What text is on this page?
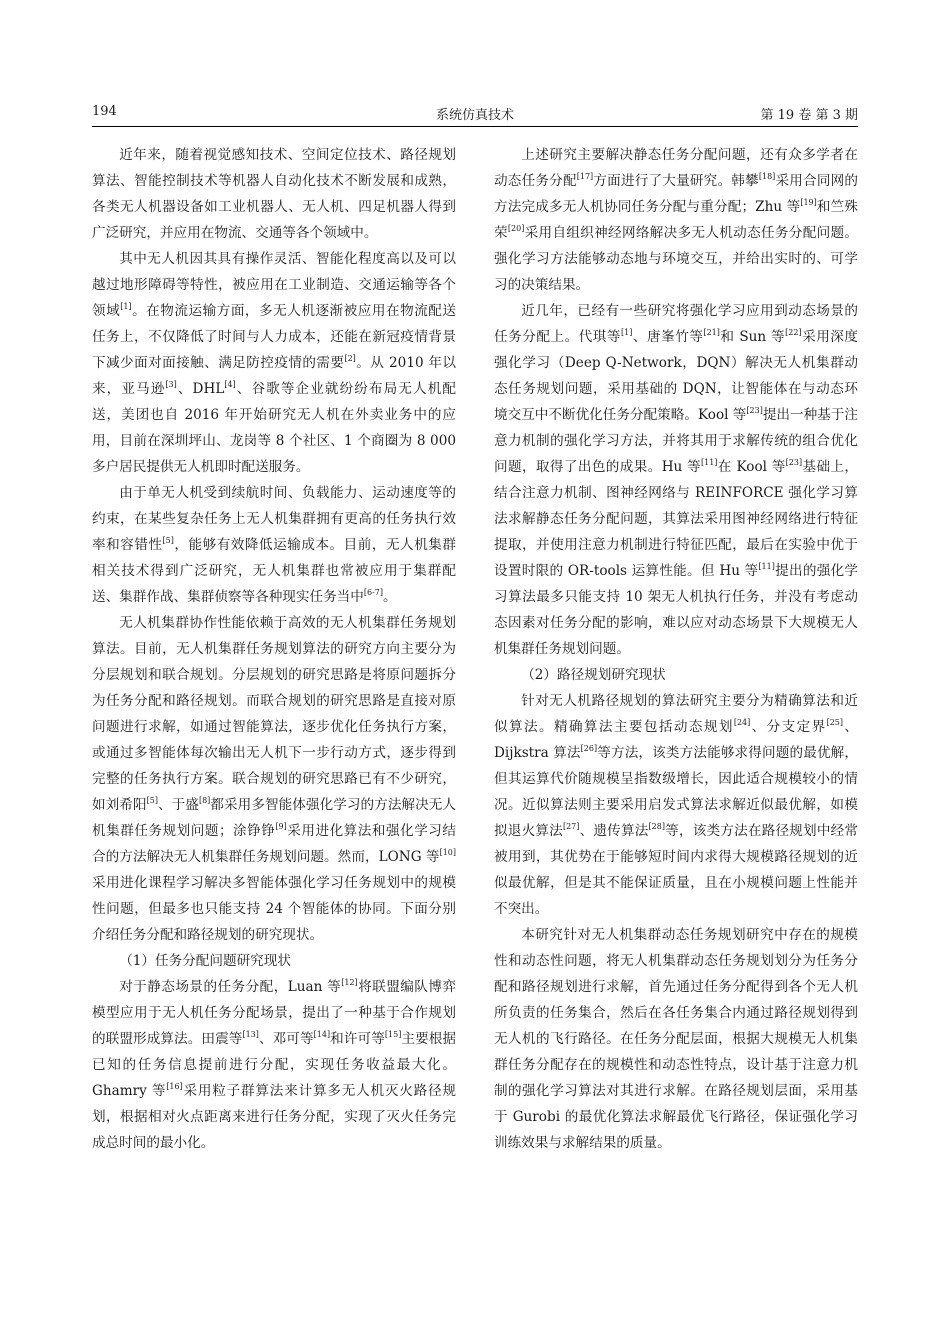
194	系统仿真技术	第 19 卷 第 3 期

近年来，随着视觉感知技术、空间定位技术、路径规划算法、智能控制技术等机器人自动化技术不断发展和成熟，各类无人机器设备如工业机器人、无人机、四足机器人得到广泛研究，并应用在物流、交通等各个领域中。

其中无人机因其具有操作灵活、智能化程度高以及可以越过地形障碍等特性，被应用在工业制造、交通运输等各个领域[1]。在物流运输方面，多无人机逐渐被应用在物流配送任务上，不仅降低了时间与人力成本，还能在新冠疫情背景下减少面对面接触、满足防控疫情的需要[2]。从 2010 年以来，亚马逊[3]、DHL[4]、谷歌等企业就纷纷布局无人机配送，美团也自 2016 年开始研究无人机在外卖业务中的应用，目前在深圳坪山、龙岗等 8 个社区、1 个商圈为 8 000 多户居民提供无人机即时配送服务。

由于单无人机受到续航时间、负载能力、运动速度等的约束，在某些复杂任务上无人机集群拥有更高的任务执行效率和容错性[5]，能够有效降低运输成本。目前，无人机集群相关技术得到广泛研究，无人机集群也常被应用于集群配送、集群作战、集群侦察等各种现实任务当中[6-7]。

无人机集群协作性能依赖于高效的无人机集群任务规划算法。目前，无人机集群任务规划算法的研究方向主要分为分层规划和联合规划。分层规划的研究思路是将原问题拆分为任务分配和路径规划。而联合规划的研究思路是直接对原问题进行求解，如通过智能算法，逐步优化任务执行方案，或通过多智能体每次输出无人机下一步行动方式，逐步得到完整的任务执行方案。联合规划的研究思路已有不少研究，如刘希阳[5]、于盛[8]都采用多智能体强化学习的方法解决无人机集群任务规划问题；涂铮铮[9]采用进化算法和强化学习结合的方法解决无人机集群任务规划问题。然而，LONG 等[10]采用进化课程学习解决多智能体强化学习任务规划中的规模性问题，但最多也只能支持 24 个智能体的协同。下面分别介绍任务分配和路径规划的研究现状。

（1）任务分配问题研究现状

对于静态场景的任务分配，Luan 等[12]将联盟编队博弈模型应用于无人机任务分配场景，提出了一种基于合作规划的联盟形成算法。田震等[13]、邓可等[14]和许可等[15]主要根据已知的任务信息提前进行分配，实现任务收益最大化。Ghamry 等[16]采用粒子群算法来计算多无人机灭火路径规划，根据相对火点距离来进行任务分配，实现了灭火任务完成总时间的最小化。

上述研究主要解决静态任务分配问题，还有众多学者在动态任务分配[17]方面进行了大量研究。韩攀[18]采用合同网的方法完成多无人机协同任务分配与重分配；Zhu 等[19]和竺殊荣[20]采用自组织神经网络解决多无人机动态任务分配问题。强化学习方法能够动态地与环境交互，并给出实时的、可学习的决策结果。

近几年，已经有一些研究将强化学习应用到动态场景的任务分配上。代琪等[1]、唐峯竹等[21]和 Sun 等[22]采用深度强化学习（Deep Q-Network，DQN）解决无人机集群动态任务规划问题，采用基础的 DQN，让智能体在与动态环境交互中不断优化任务分配策略。Kool 等[23]提出一种基于注意力机制的强化学习方法，并将其用于求解传统的组合优化问题，取得了出色的成果。Hu 等[11]在 Kool 等[23]基础上，结合注意力机制、图神经网络与 REINFORCE 强化学习算法求解静态任务分配问题，其算法采用图神经网络进行特征提取，并使用注意力机制进行特征匹配，最后在实验中优于设置时限的 OR-tools 运算性能。但 Hu 等[11]提出的强化学习算法最多只能支持 10 架无人机执行任务，并没有考虑动态因素对任务分配的影响，难以应对动态场景下大规模无人机集群任务规划问题。

（2）路径规划研究现状

针对无人机路径规划的算法研究主要分为精确算法和近似算法。精确算法主要包括动态规划[24]、分支定界[25]、Dijkstra 算法[26]等方法，该类方法能够求得问题的最优解，但其运算代价随规模呈指数级增长，因此适合规模较小的情况。近似算法则主要采用启发式算法求解近似最优解，如模拟退火算法[27]、遗传算法[28]等，该类方法在路径规划中经常被用到，其优势在于能够短时间内求得大规模路径规划的近似最优解，但是其不能保证质量，且在小规模问题上性能并不突出。

本研究针对无人机集群动态任务规划研究中存在的规模性和动态性问题，将无人机集群动态任务规划划分为任务分配和路径规划进行求解，首先通过任务分配得到各个无人机所负责的任务集合，然后在各任务集合内通过路径规划得到无人机的飞行路径。在任务分配层面，根据大规模无人机集群任务分配存在的规模性和动态性特点，设计基于注意力机制的强化学习算法对其进行求解。在路径规划层面，采用基于 Gurobi 的最优化算法求解最优飞行路径，保证强化学习训练效果与求解结果的质量。
